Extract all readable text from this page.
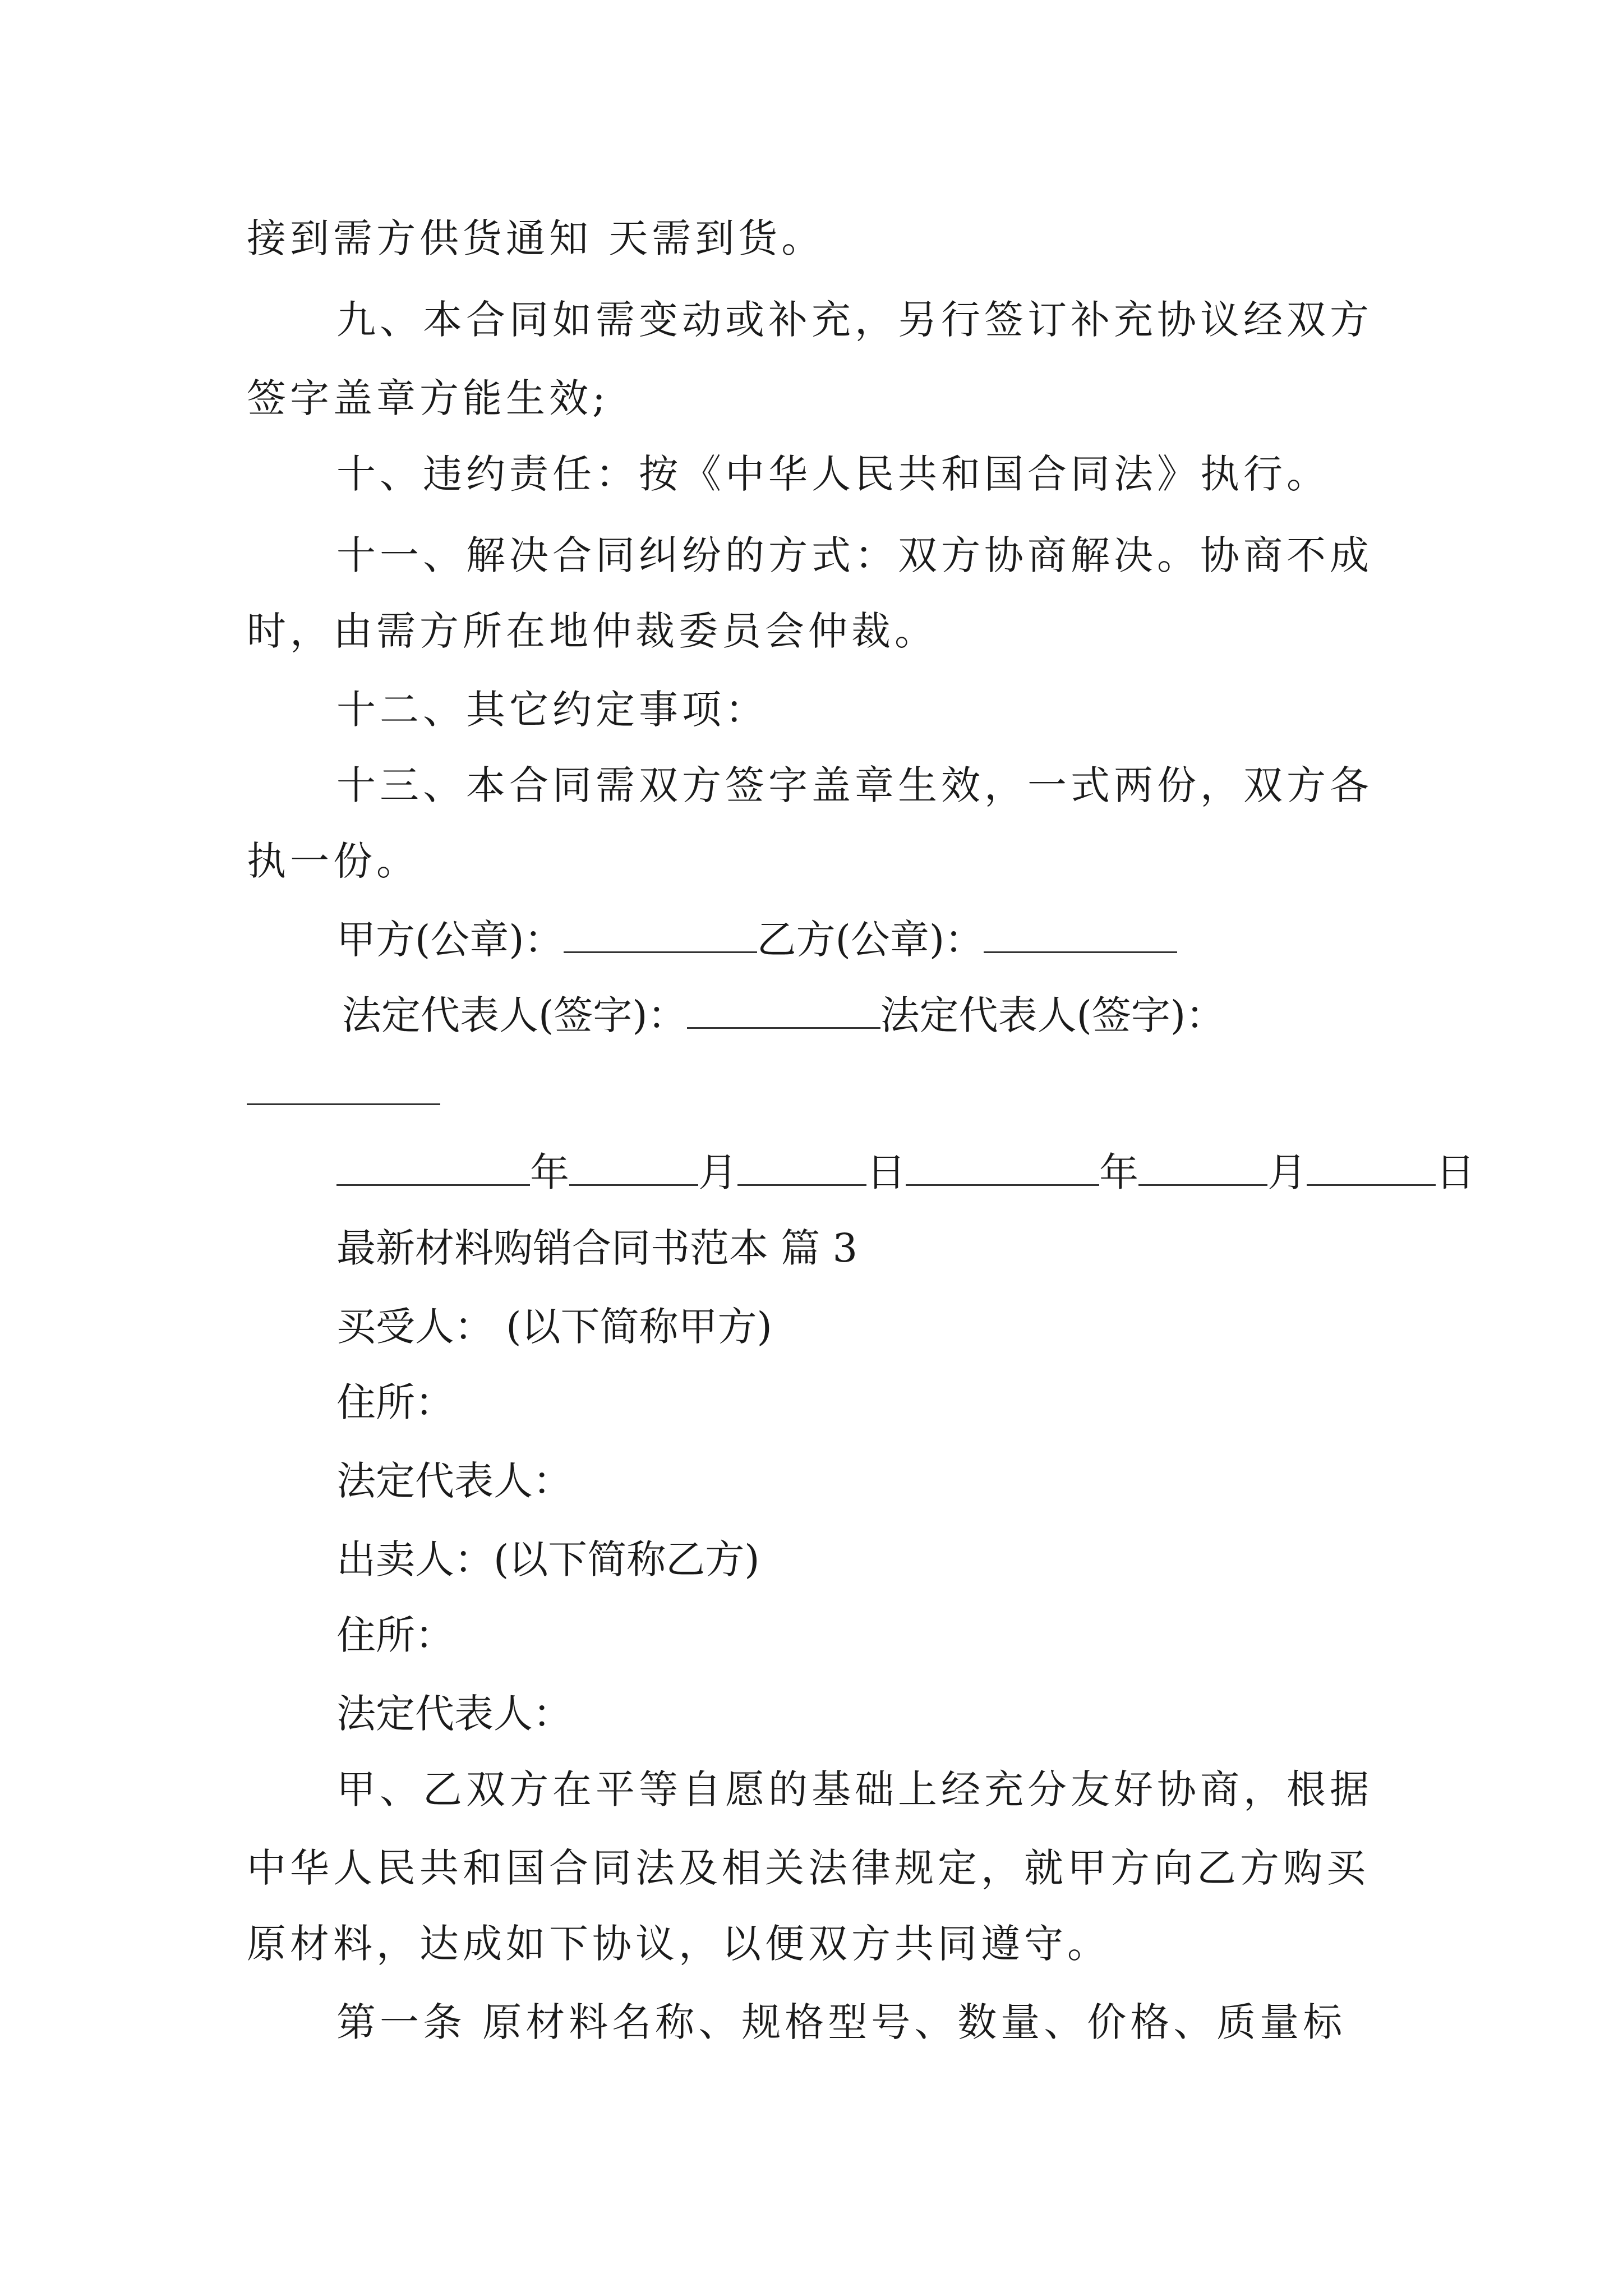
接到需方供货通知 天需到货。

九、本合同如需变动或补充，另行签订补充协议经双方

签字盖章方能生效;

十、违约责任：按《中华人民共和国合同法》执行。

十一、解决合同纠纷的方式：双方协商解决。协商不成

时，由需方所在地仲裁委员会仲裁。

十二、其它约定事项：

十三、本合同需双方签字盖章生效，一式两份，双方各

执一份。

甲方(公章)：	乙方(公章)：

法定代表人(签字)：	法定代表人(签字)：

年	月	日	年	月	日

最新材料购销合同书范本 篇 3

买受人： (以下简称甲方)

住所：

法定代表人：

出卖人：(以下简称乙方)

住所：

法定代表人：

甲、乙双方在平等自愿的基础上经充分友好协商，根据

中华人民共和国合同法及相关法律规定，就甲方向乙方购买

原材料，达成如下协议，以便双方共同遵守。

第一条 原材料名称、规格型号、数量、价格、质量标
